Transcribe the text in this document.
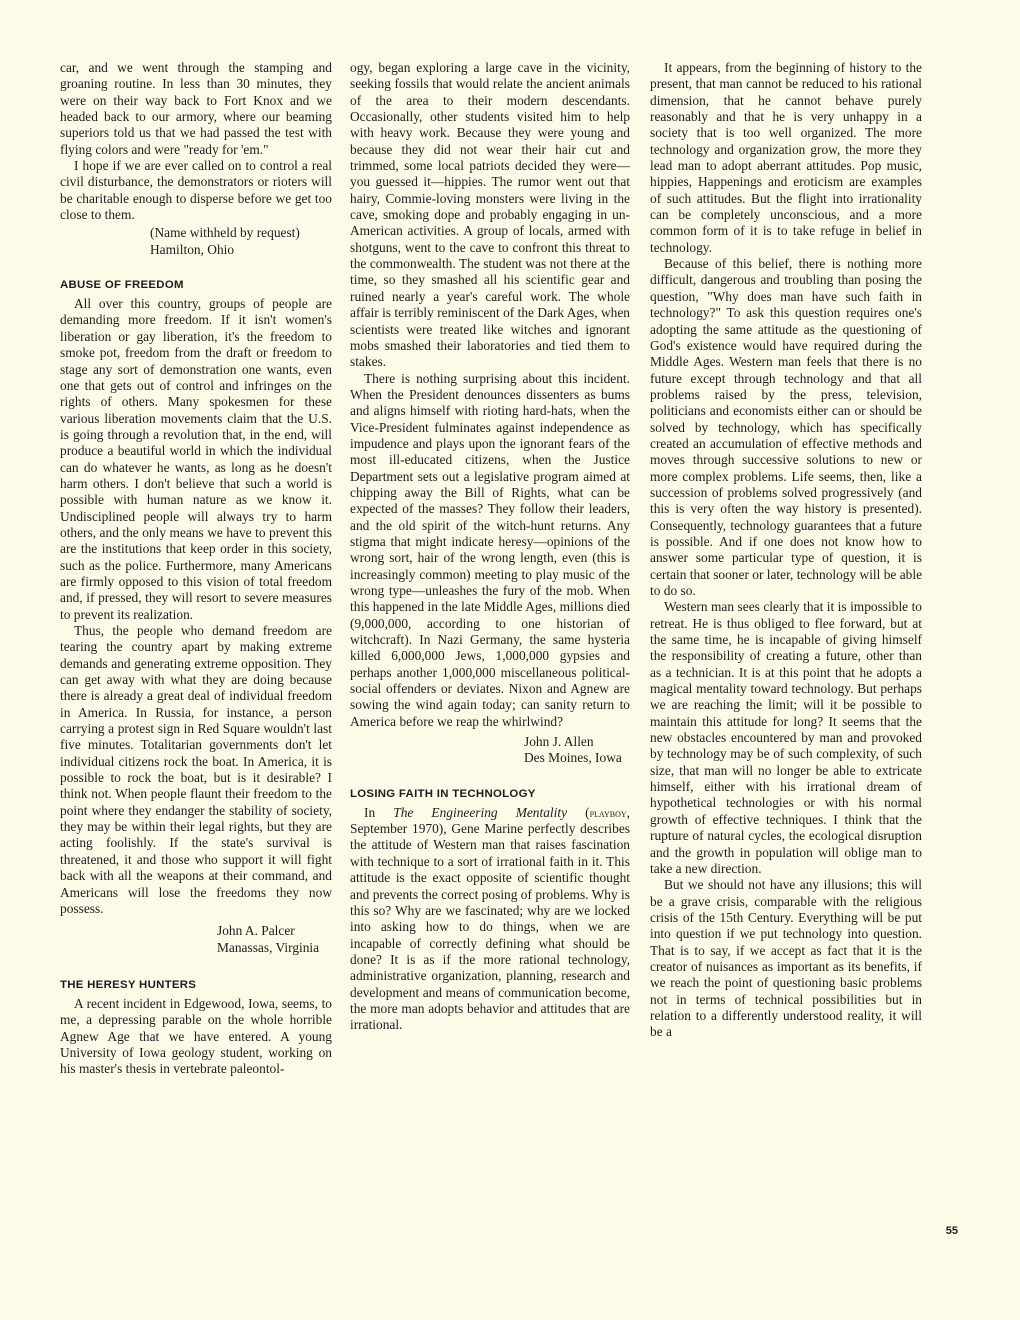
car, and we went through the stamping and groaning routine. In less than 30 minutes, they were on their way back to Fort Knox and we headed back to our armory, where our beaming superiors told us that we had passed the test with flying colors and were "ready for 'em."

I hope if we are ever called on to control a real civil disturbance, the demonstrators or rioters will be charitable enough to disperse before we get too close to them.

(Name withheld by request)
Hamilton, Ohio
ABUSE OF FREEDOM

All over this country, groups of people are demanding more freedom. If it isn't women's liberation or gay liberation, it's the freedom to smoke pot, freedom from the draft or freedom to stage any sort of demonstration one wants, even one that gets out of control and infringes on the rights of others. Many spokesmen for these various liberation movements claim that the U.S. is going through a revolution that, in the end, will produce a beautiful world in which the individual can do whatever he wants, as long as he doesn't harm others. I don't believe that such a world is possible with human nature as we know it. Undisciplined people will always try to harm others, and the only means we have to prevent this are the institutions that keep order in this society, such as the police. Furthermore, many Americans are firmly opposed to this vision of total freedom and, if pressed, they will resort to severe measures to prevent its realization.

Thus, the people who demand freedom are tearing the country apart by making extreme demands and generating extreme opposition. They can get away with what they are doing because there is already a great deal of individual freedom in America. In Russia, for instance, a person carrying a protest sign in Red Square wouldn't last five minutes. Totalitarian governments don't let individual citizens rock the boat. In America, it is possible to rock the boat, but is it desirable? I think not. When people flaunt their freedom to the point where they endanger the stability of society, they may be within their legal rights, but they are acting foolishly. If the state's survival is threatened, it and those who support it will fight back with all the weapons at their command, and Americans will lose the freedoms they now possess.

John A. Palcer
Manassas, Virginia
THE HERESY HUNTERS

A recent incident in Edgewood, Iowa, seems, to me, a depressing parable on the whole horrible Agnew Age that we have entered. A young University of Iowa geology student, working on his master's thesis in vertebrate paleontol-

ogy, began exploring a large cave in the vicinity, seeking fossils that would relate the ancient animals of the area to their modern descendants. Occasionally, other students visited him to help with heavy work. Because they were young and because they did not wear their hair cut and trimmed, some local patriots decided they were—you guessed it—hippies. The rumor went out that hairy, Commie-loving monsters were living in the cave, smoking dope and probably engaging in un-American activities. A group of locals, armed with shotguns, went to the cave to confront this threat to the commonwealth. The student was not there at the time, so they smashed all his scientific gear and ruined nearly a year's careful work. The whole affair is terribly reminiscent of the Dark Ages, when scientists were treated like witches and ignorant mobs smashed their laboratories and tied them to stakes.

There is nothing surprising about this incident. When the President denounces dissenters as bums and aligns himself with rioting hard-hats, when the Vice-President fulminates against independence as impudence and plays upon the ignorant fears of the most ill-educated citizens, when the Justice Department sets out a legislative program aimed at chipping away the Bill of Rights, what can be expected of the masses? They follow their leaders, and the old spirit of the witch-hunt returns. Any stigma that might indicate heresy—opinions of the wrong sort, hair of the wrong length, even (this is increasingly common) meeting to play music of the wrong type—unleashes the fury of the mob. When this happened in the late Middle Ages, millions died (9,000,000, according to one historian of witchcraft). In Nazi Germany, the same hysteria killed 6,000,000 Jews, 1,000,000 gypsies and perhaps another 1,000,000 miscellaneous political-social offenders or deviates. Nixon and Agnew are sowing the wind again today; can sanity return to America before we reap the whirlwind?

John J. Allen
Des Moines, Iowa
LOSING FAITH IN TECHNOLOGY

In The Engineering Mentality (playboy, September 1970), Gene Marine perfectly describes the attitude of Western man that raises fascination with technique to a sort of irrational faith in it. This attitude is the exact opposite of scientific thought and prevents the correct posing of problems. Why is this so? Why are we fascinated; why are we locked into asking how to do things, when we are incapable of correctly defining what should be done? It is as if the more rational technology, administrative organization, planning, research and development and means of communication become, the more man adopts behavior and attitudes that are irrational.

It appears, from the beginning of history to the present, that man cannot be reduced to his rational dimension, that he cannot behave purely reasonably and that he is very unhappy in a society that is too well organized. The more technology and organization grow, the more they lead man to adopt aberrant attitudes. Pop music, hippies, Happenings and eroticism are examples of such attitudes. But the flight into irrationality can be completely unconscious, and a more common form of it is to take refuge in belief in technology.

Because of this belief, there is nothing more difficult, dangerous and troubling than posing the question, "Why does man have such faith in technology?" To ask this question requires one's adopting the same attitude as the questioning of God's existence would have required during the Middle Ages. Western man feels that there is no future except through technology and that all problems raised by the press, television, politicians and economists either can or should be solved by technology, which has specifically created an accumulation of effective methods and moves through successive solutions to new or more complex problems. Life seems, then, like a succession of problems solved progressively (and this is very often the way history is presented). Consequently, technology guarantees that a future is possible. And if one does not know how to answer some particular type of question, it is certain that sooner or later, technology will be able to do so.

Western man sees clearly that it is impossible to retreat. He is thus obliged to flee forward, but at the same time, he is incapable of giving himself the responsibility of creating a future, other than as a technician. It is at this point that he adopts a magical mentality toward technology. But perhaps we are reaching the limit; will it be possible to maintain this attitude for long? It seems that the new obstacles encountered by man and provoked by technology may be of such complexity, of such size, that man will no longer be able to extricate himself, either with his irrational dream of hypothetical technologies or with his normal growth of effective techniques. I think that the rupture of natural cycles, the ecological disruption and the growth in population will oblige man to take a new direction.

But we should not have any illusions; this will be a grave crisis, comparable with the religious crisis of the 15th Century. Everything will be put into question if we put technology into question. That is to say, if we accept as fact that it is the creator of nuisances as important as its benefits, if we reach the point of questioning basic problems not in terms of technical possibilities but in relation to a differently understood reality, it will be a

55
